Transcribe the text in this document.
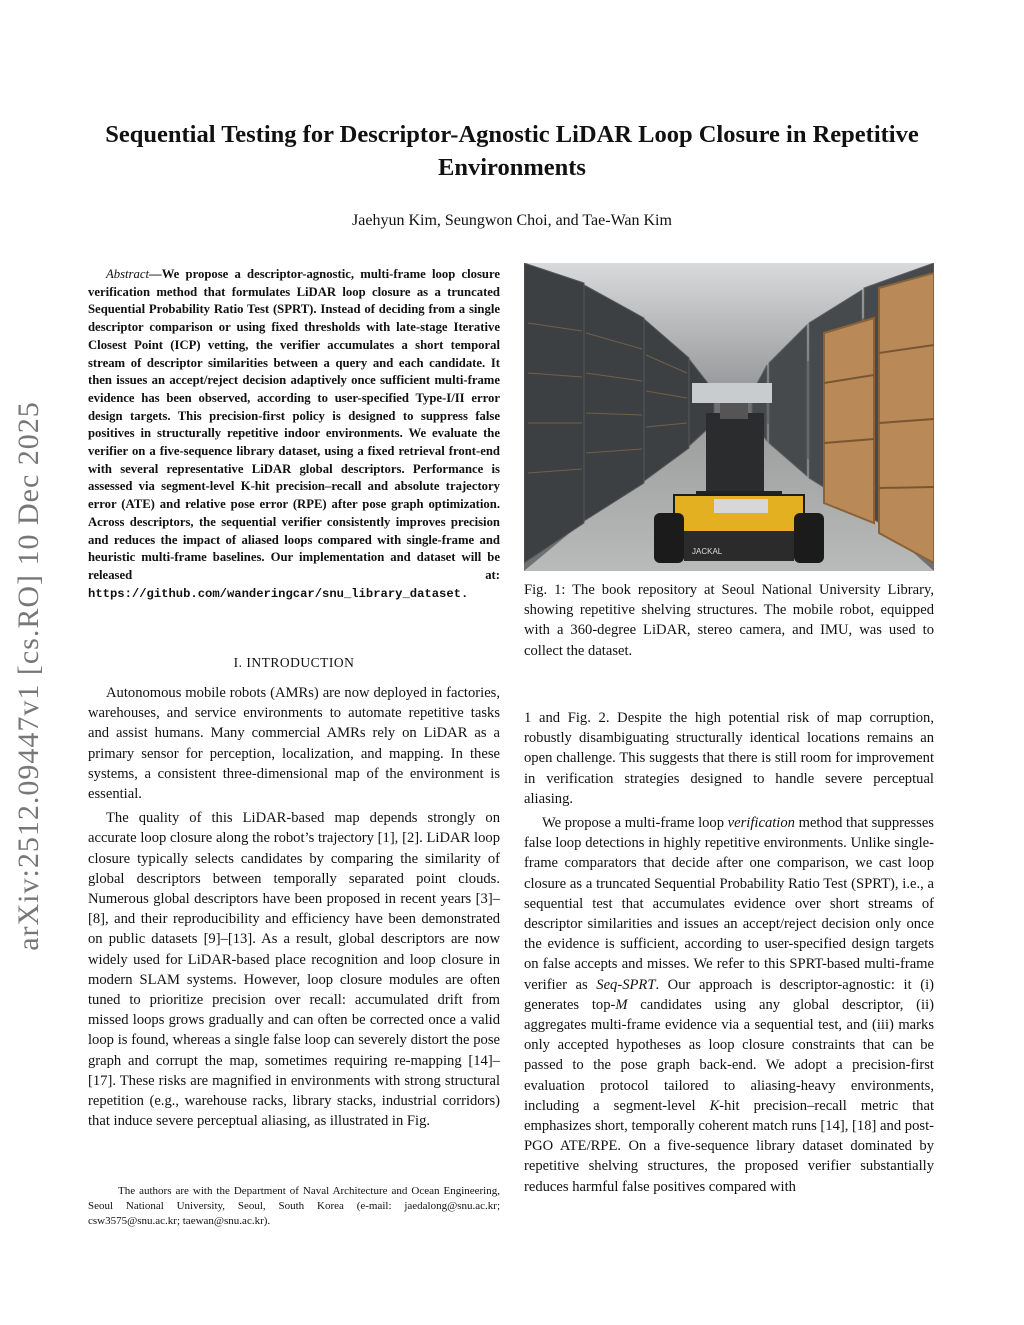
arXiv:2512.09447v1 [cs.RO] 10 Dec 2025
Sequential Testing for Descriptor-Agnostic LiDAR Loop Closure in Repetitive Environments
Jaehyun Kim, Seungwon Choi, and Tae-Wan Kim

Abstract—We propose a descriptor-agnostic, multi-frame loop closure verification method that formulates LiDAR loop closure as a truncated Sequential Probability Ratio Test (SPRT). Instead of deciding from a single descriptor comparison or using fixed thresholds with late-stage Iterative Closest Point (ICP) vetting, the verifier accumulates a short temporal stream of descriptor similarities between a query and each candidate. It then issues an accept/reject decision adaptively once sufficient multi-frame evidence has been observed, according to user-specified Type-I/II error design targets. This precision-first policy is designed to suppress false positives in structurally repetitive indoor environments. We evaluate the verifier on a five-sequence library dataset, using a fixed retrieval front-end with several representative LiDAR global descriptors. Performance is assessed via segment-level K-hit precision–recall and absolute trajectory error (ATE) and relative pose error (RPE) after pose graph optimization. Across descriptors, the sequential verifier consistently improves precision and reduces the impact of aliased loops compared with single-frame and heuristic multi-frame baselines. Our implementation and dataset will be released at: https://github.com/wanderingcar/snu_library_dataset.

I. INTRODUCTION

Autonomous mobile robots (AMRs) are now deployed in factories, warehouses, and service environments to automate repetitive tasks and assist humans. Many commercial AMRs rely on LiDAR as a primary sensor for perception, localization, and mapping. In these systems, a consistent three-dimensional map of the environment is essential.

The quality of this LiDAR-based map depends strongly on accurate loop closure along the robot’s trajectory [1], [2]. LiDAR loop closure typically selects candidates by comparing the similarity of global descriptors between temporally separated point clouds. Numerous global descriptors have been proposed in recent years [3]–[8], and their reproducibility and efficiency have been demonstrated on public datasets [9]–[13]. As a result, global descriptors are now widely used for LiDAR-based place recognition and loop closure in modern SLAM systems. However, loop closure modules are often tuned to prioritize precision over recall: accumulated drift from missed loops grows gradually and can often be corrected once a valid loop is found, whereas a single false loop can severely distort the pose graph and corrupt the map, sometimes requiring re-mapping [14]–[17]. These risks are magnified in environments with strong structural repetition (e.g., warehouse racks, library stacks, industrial corridors) that induce severe perceptual aliasing, as illustrated in Fig.

The authors are with the Department of Naval Architecture and Ocean Engineering, Seoul National University, Seoul, South Korea (e-mail: jaedalong@snu.ac.kr; csw3575@snu.ac.kr; taewan@snu.ac.kr).

JACKAL
Fig. 1: The book repository at Seoul National University Library, showing repetitive shelving structures. The mobile robot, equipped with a 360-degree LiDAR, stereo camera, and IMU, was used to collect the dataset.

1 and Fig. 2. Despite the high potential risk of map corruption, robustly disambiguating structurally identical locations remains an open challenge. This suggests that there is still room for improvement in verification strategies designed to handle severe perceptual aliasing.

We propose a multi-frame loop verification method that suppresses false loop detections in highly repetitive environments. Unlike single-frame comparators that decide after one comparison, we cast loop closure as a truncated Sequential Probability Ratio Test (SPRT), i.e., a sequential test that accumulates evidence over short streams of descriptor similarities and issues an accept/reject decision only once the evidence is sufficient, according to user-specified design targets on false accepts and misses. We refer to this SPRT-based multi-frame verifier as Seq-SPRT. Our approach is descriptor-agnostic: it (i) generates top-M candidates using any global descriptor, (ii) aggregates multi-frame evidence via a sequential test, and (iii) marks only accepted hypotheses as loop closure constraints that can be passed to the pose graph back-end. We adopt a precision-first evaluation protocol tailored to aliasing-heavy environments, including a segment-level K-hit precision–recall metric that emphasizes short, temporally coherent match runs [14], [18] and post-PGO ATE/RPE. On a five-sequence library dataset dominated by repetitive shelving structures, the proposed verifier substantially reduces harmful false positives compared with
